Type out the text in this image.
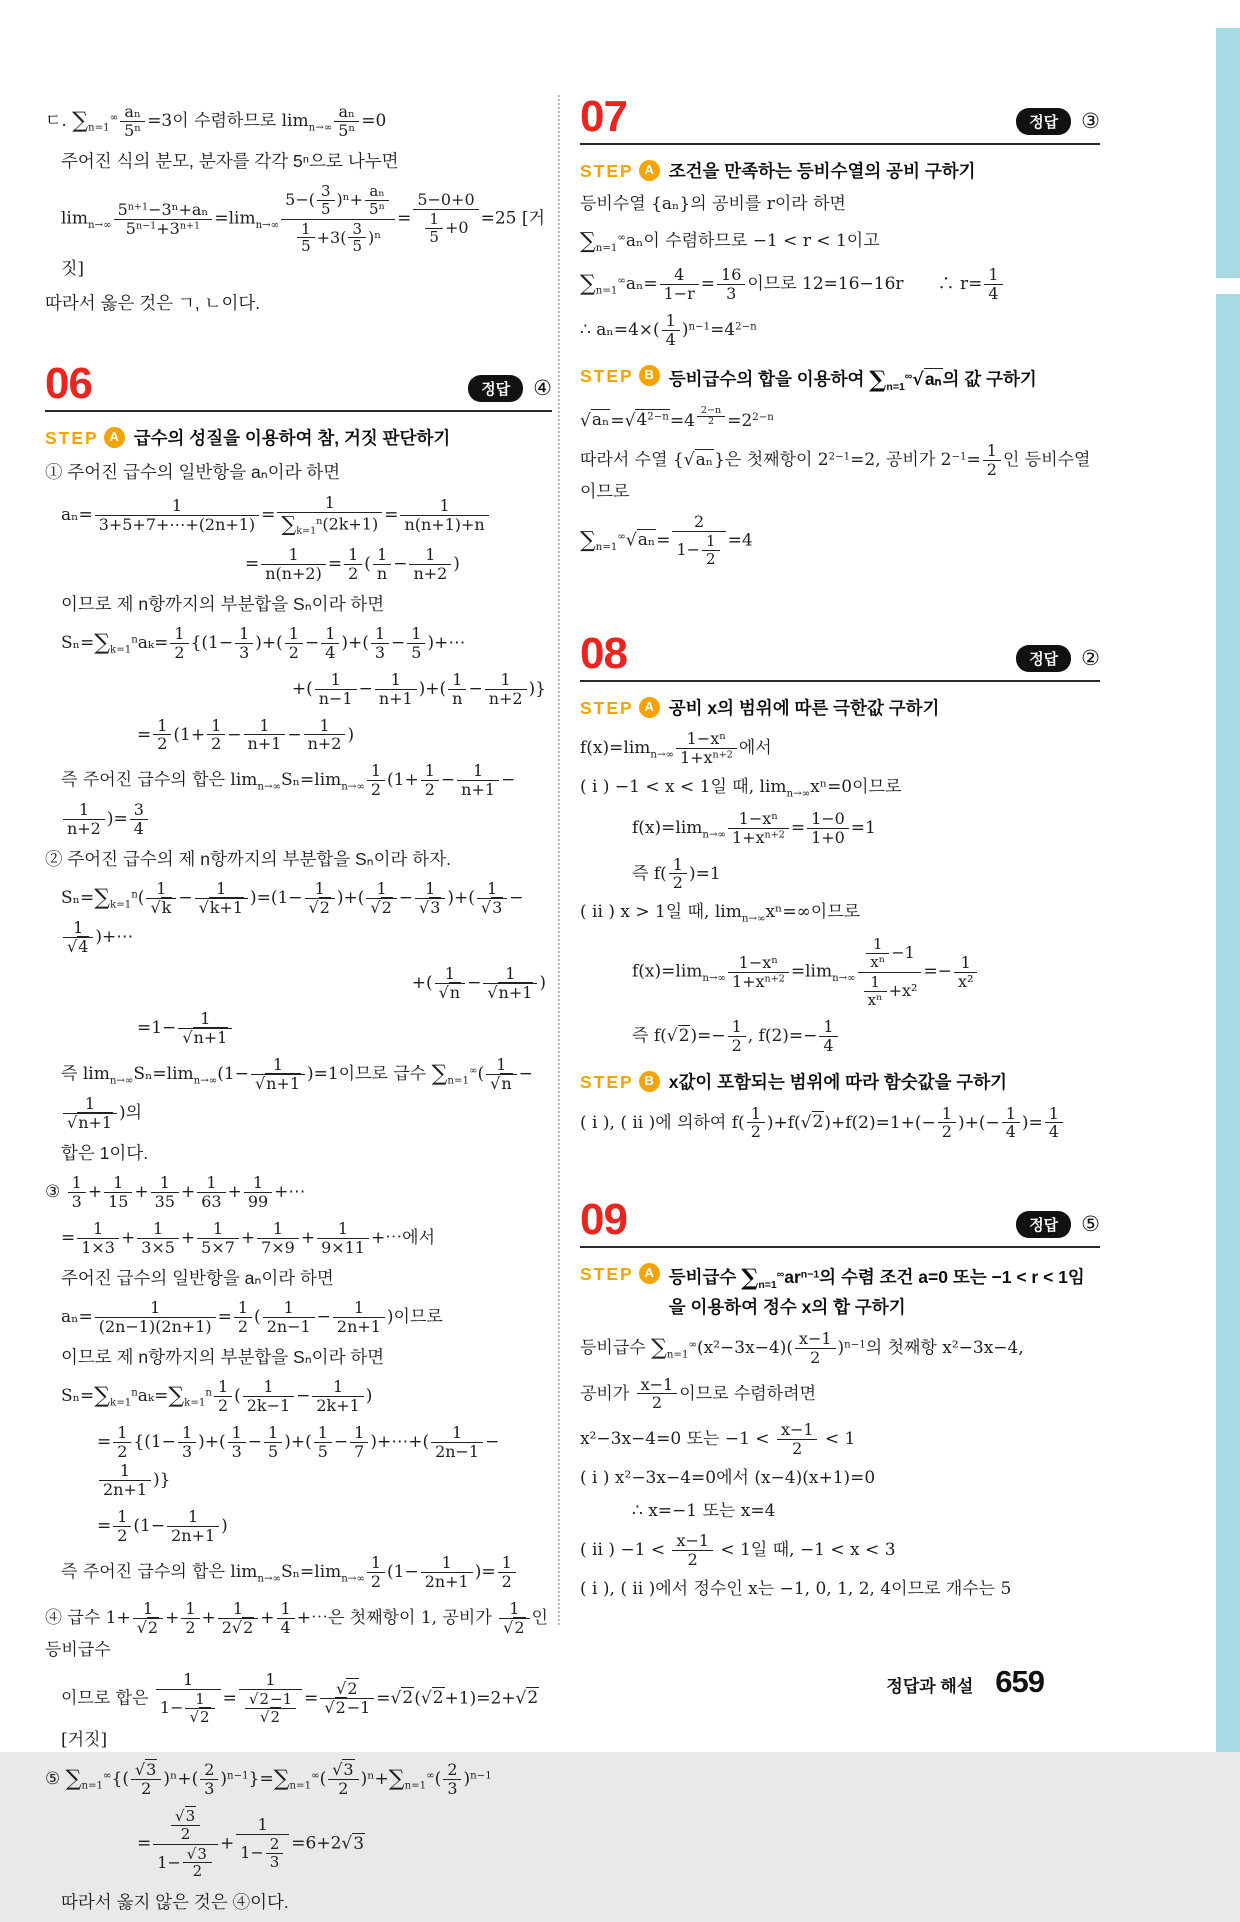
ㄷ. $\sum_{n=1}^\infty \frac{\text{aₙ}}{\text{5ⁿ}} =3$이 수렴하므로 $\lim_{n\to\infty} \frac{\text{aₙ}}{\text{5ⁿ}} =0$
주어진 식의 분모, 분자를 각각 5ⁿ으로 나누면
$\lim_{n\to\infty} \frac{5^{n+1}-3^n+a_n}{5^{n-1}+3^{n+1}} =\lim_{n\to\infty} \frac{5-( \frac{3}{5} )^n+ \frac{\text{aₙ}}{\text{5ⁿ}}}{\frac{1}{5} +3( \frac{3}{5} )^n} = \frac{5-0+0}{\frac{1}{5} +0} =25$ [거짓]
따라서 옳은 것은 ㄱ, ㄴ이다.
06	정답	④
STEP A 급수의 성질을 이용하여 참, 거짓 판단하기
① 주어진 급수의 일반항을 aₙ이라 하면
$a_n= \frac{1}{3+5+7+\cdots+(2n+1)} = \frac{1}{\sum_{k=1}^n(2k+1)} = \frac{1}{n(n+1)+n}$
= $\frac{1}{n(n+2)} = \frac{1}{2}$ ( $\frac{1}{n} - \frac{1}{n+2}$ )
이므로 제 n항까지의 부분합을 Sₙ이라 하면
$S_n=\sum_{k=1}^na_k= \frac{1}{2} \{(1- \frac{1}{3}$ )+( $\frac{1}{2} - \frac{1}{4}$ )+( $\frac{1}{3} - \frac{1}{5}$ )+⋯
+( $\frac{1}{n-1} - \frac{1}{n+1}$ )+( $\frac{1}{n} - \frac{1}{n+2}$ )}
= $\frac{1}{2} (1+ \frac{1}{2} - \frac{1}{n+1} - \frac{1}{n+2}$ )
즉 주어진 급수의 합은 $\lim_{n\to\infty}S_n=\lim_{n\to\infty} \frac{1}{2} (1+ \frac{1}{2} - \frac{1}{n+1}$ −
$\frac{1}{n+2}$ )= $\frac{3}{4}$
② 주어진 급수의 제 n항까지의 부분합을 Sₙ이라 하자.
$S_n=\sum_{k=1}^n( \frac{1}{√k} - \frac{1}{√k+1} )=(1- \frac{1}{√2}$ )+( $\frac{1}{√2} - \frac{1}{√3}$ )+( $\frac{1}{√3}$ −
$\frac{1}{√4}$ )+⋯
+( $\frac{1}{√n} - \frac{1}{√n+1}$ )
$=1- \frac{1}{√n+1}$
즉 $\lim_{n\to\infty}S_n=\lim_{n\to\infty}(1- \frac{1}{√n+1} )=1$이므로 급수 $\sum_{n=1}^\infty( \frac{1}{√n}$ −
$\frac{1}{√n+1}$ )의
합은 1이다.
③ $\frac{1}{3} + \frac{1}{15} + \frac{1}{35} + \frac{1}{63} + \frac{1}{99}$ +⋯
= $\frac{1}{1\times 3} + \frac{1}{3\times 5} + \frac{1}{5\times 7} + \frac{1}{7\times 9} + \frac{1}{9\times 11}$ +⋯에서
주어진 급수의 일반항을 aₙ이라 하면
$a_n= \frac{1}{(2n-1)(2n+1)} = \frac{1}{2}$ ( $\frac{1}{2n-1} - \frac{1}{2n+1}$ )이므로
이므로 제 n항까지의 부분합을 Sₙ이라 하면
$S_n=\sum_{k=1}^na_k=\sum_{k=1}^n \frac{1}{2}$ ( $\frac{1}{2k-1} - \frac{1}{2k+1}$ )
= $\frac{1}{2} \{(1- \frac{1}{3}$ )+( $\frac{1}{3} - \frac{1}{5}$ )+( $\frac{1}{5} - \frac{1}{7}$ )+⋯+( $\frac{1}{2n-1}$ −
$\frac{1}{2n+1}$ )}
= $\frac{1}{2} (1- \frac{1}{2n+1}$ )
즉 주어진 급수의 합은 $\lim_{n\to\infty}S_n=\lim_{n\to\infty} \frac{1}{2} (1- \frac{1}{2n+1}$ )= $\frac{1}{2}$
④ 급수 $1+ \frac{1}{√2} + \frac{1}{2} + \frac{1}{2√2} + \frac{1}{4}$ +⋯은 첫째항이 1, 공비가 $\frac{1}{√2}$ 인 등비급수
이므로 합은 $\frac{1}{1- \frac{1}{√2}} = \frac{1}{\frac{√2-1}{√2}} = \frac{√2}{√2-1} =√2(√2+1)=2+√2$ [거짓]
⑤ $\sum_{n=1}^\infty\{( \frac{√3}{2} )^n+( \frac{2}{3} )^{n-1}\}=\sum_{n=1}^\infty( \frac{√3}{2} )^n+\sum_{n=1}^\infty( \frac{2}{3} )^{n-1}$
= $\frac{\frac{√3}{2}}{1- \frac{√3}{2}} + \frac{1}{1- \frac{2}{3}} =6+2√3$
따라서 옳지 않은 것은 ④이다.
07	정답	③
STEP A 조건을 만족하는 등비수열의 공비 구하기
등비수열 {aₙ}의 공비를 r이라 하면
$\sum_{n=1}^\infty a_n$이 수렴하므로 −1 < r < 1이고
$\sum_{n=1}^\infty a_n= \frac{4}{1-r} = \frac{16}{3}$ 이므로 12=16−16r　　∴ $r= \frac{1}{4}$
∴ $a_n=4\times( \frac{1}{4} )^{n-1}=4^{2-n}$
STEP B 등비급수의 합을 이용하여 $\sum_{n=1}^\infty√a_n$의 값 구하기
$√a_n=√4^{2-n}=4$ $^{\frac{2-n}{2}} =2^{2-n}$
따라서 수열 {√aₙ}은 첫째항이 $2^{2-1}=2$, 공비가 $2^{-1}= \frac{1}{2}$ 인 등비수열이므로
$\sum_{n=1}^\infty√a_n= \frac{2}{1- \frac{1}{2}} =4$
08	정답	②
STEP A 공비 x의 범위에 따른 극한값 구하기
$f(x)=\lim_{n\to\infty} \frac{\text{1−xⁿ}}{1+x^{n+2}}$ 에서
( i ) −1 < x < 1일 때, $\lim_{n\to\infty}x^n=0$이므로
$f(x)=\lim_{n\to\infty} \frac{\text{1−xⁿ}}{1+x^{n+2}} = \frac{1-0}{1+0} =1$
즉 $f( \frac{1}{2} )=1$
( ii ) x > 1일 때, $\lim_{n\to\infty}x^n=\infty$이므로
$f(x)=\lim_{n\to\infty} \frac{\text{1−xⁿ}}{1+x^{n+2}} =\lim_{n\to\infty} \frac{\frac{1}{\text{xⁿ}} -1}{\frac{1}{\text{xⁿ}} +x^2} =- \frac{1}{\text{x²}}$
즉 $f(√2)=- \frac{1}{2}$ , $f(2)=- \frac{1}{4}$
STEP B x값이 포함되는 범위에 따라 함숫값을 구하기
( i ), ( ii )에 의하여 $f( \frac{1}{2} )+f(√2)+f(2)=1+(- \frac{1}{2}$ )+(− $\frac{1}{4}$ )= $\frac{1}{4}$
09	정답	⑤
STEP A 등비급수 $\sum_{n=1}^\infty ar^{n-1}$의 수렴 조건 a=0 또는 −1 < r < 1임을 이용하여 정수 x의 합 구하기
등비급수 $\sum_{n=1}^\infty(x^2-3x-4)( \frac{x-1}{2} )^{n-1}$의 첫째항 x²−3x−4,
공비가 $\frac{x-1}{2}$ 이므로 수렴하려면
x²−3x−4=0 또는 $-1 < \frac{x-1}{2} < 1$
( i ) x²−3x−4=0에서 (x−4)(x+1)=0
∴ x=−1 또는 x=4
( ii ) $-1 < \frac{x-1}{2} < 1$일 때, −1 < x < 3
( i ), ( ii )에서 정수인 x는 −1, 0, 1, 2, 4이므로 개수는 5
정답과 해설 659
